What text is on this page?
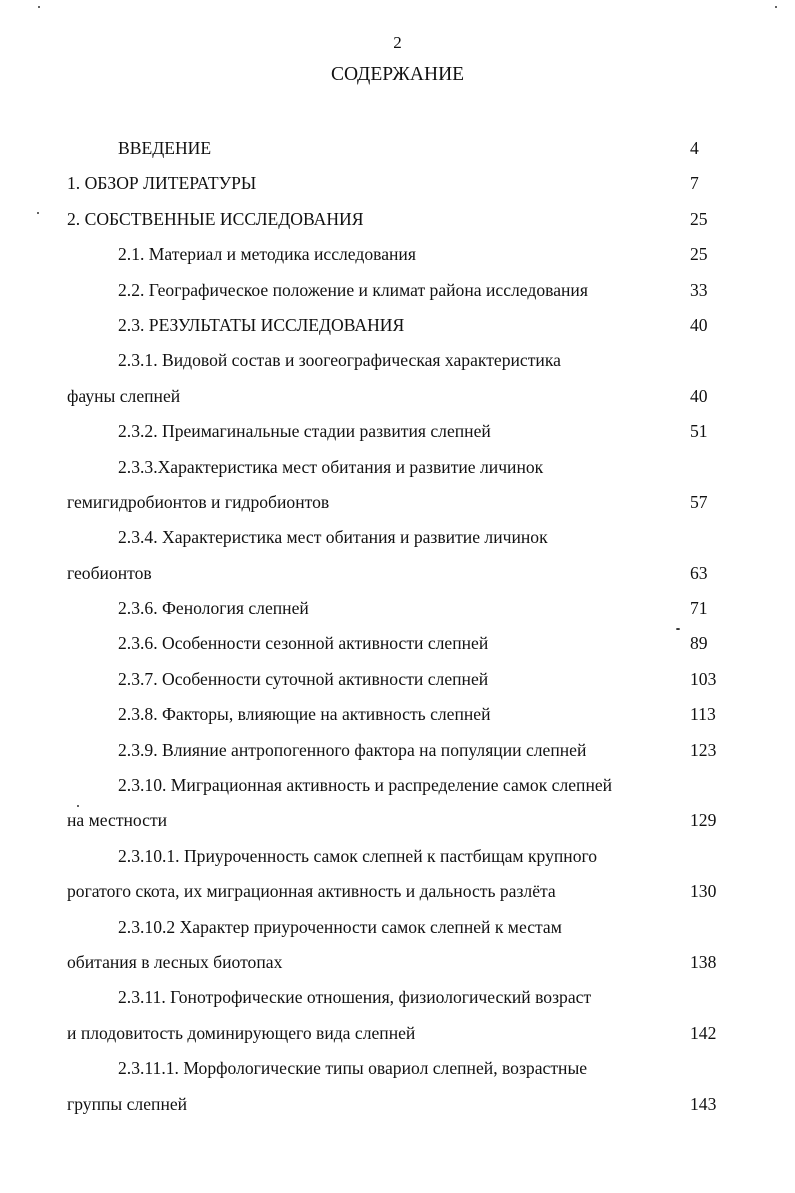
2
СОДЕРЖАНИЕ
ВВЕДЕНИЕ	4
1. ОБЗОР ЛИТЕРАТУРЫ	7
2. СОБСТВЕННЫЕ ИССЛЕДОВАНИЯ	25
2.1. Материал и методика исследования	25
2.2. Географическое положение и климат района исследования	33
2.3. РЕЗУЛЬТАТЫ ИССЛЕДОВАНИЯ	40
2.3.1. Видовой состав и зоогеографическая характеристика
фауны слепней	40
2.3.2. Преимагинальные стадии развития слепней	51
2.3.3.Характеристика мест обитания и развитие личинок
гемигидробионтов и гидробионтов	57
2.3.4. Характеристика мест обитания и развитие личинок
геобионтов	63
2.3.6. Фенология слепней	71
2.3.6. Особенности сезонной активности слепней	89
2.3.7. Особенности суточной активности слепней	103
2.3.8. Факторы, влияющие на активность слепней	113
2.3.9. Влияние антропогенного фактора на популяции слепней	123
2.3.10. Миграционная активность и распределение самок слепней
на местности	129
2.3.10.1. Приуроченность самок слепней к пастбищам крупного
рогатого скота, их миграционная активность и дальность разлёта	130
2.3.10.2 Характер приуроченности самок слепней к местам
обитания в лесных биотопах	138
2.3.11. Гонотрофические отношения, физиологический возраст
и плодовитость доминирующего вида слепней	142
2.3.11.1. Морфологические типы овариол слепней, возрастные
группы слепней	143
